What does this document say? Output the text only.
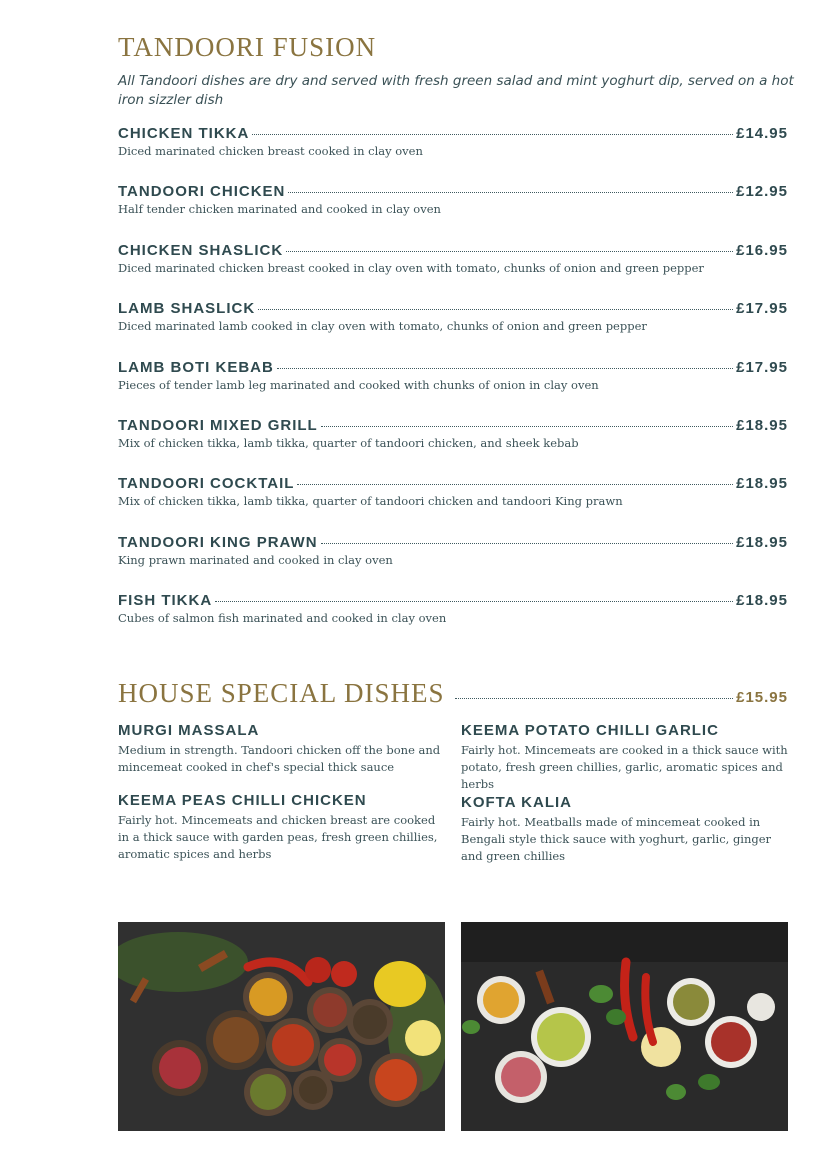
TANDOORI FUSION
All Tandoori dishes are dry and served with fresh green salad and mint yoghurt dip, served on a hot iron sizzler dish
CHICKEN TIKKA	£14.95
Diced marinated chicken breast cooked in clay oven
TANDOORI CHICKEN	£12.95
Half tender chicken marinated and cooked in clay oven
CHICKEN SHASLICK	£16.95
Diced marinated chicken breast cooked in clay oven with tomato, chunks of onion and green pepper
LAMB SHASLICK	£17.95
Diced marinated lamb cooked in clay oven with tomato, chunks of onion and green pepper
LAMB BOTI KEBAB	£17.95
Pieces of tender lamb leg marinated and cooked with chunks of onion in clay oven
TANDOORI MIXED GRILL	£18.95
Mix of chicken tikka, lamb tikka, quarter of tandoori chicken, and sheek kebab
TANDOORI COCKTAIL	£18.95
Mix of chicken tikka, lamb tikka, quarter of tandoori chicken and tandoori King prawn
TANDOORI KING PRAWN	£18.95
King prawn marinated and cooked in clay oven
FISH TIKKA	£18.95
Cubes of salmon fish marinated and cooked in clay oven
HOUSE SPECIAL DISHES	£15.95
MURGI MASSALA
Medium in strength. Tandoori chicken off the bone and mincemeat cooked in chef's special thick sauce
KEEMA POTATO CHILLI GARLIC
Fairly hot. Mincemeats are cooked in a thick sauce with potato, fresh green chillies, garlic, aromatic spices and herbs
KEEMA PEAS CHILLI CHICKEN
Fairly hot. Mincemeats and chicken breast are cooked in a thick sauce with garden peas, fresh green chillies, aromatic spices and herbs
KOFTA KALIA
Fairly hot. Meatballs made of mincemeat cooked in Bengali style thick sauce with yoghurt, garlic, ginger and green chillies
